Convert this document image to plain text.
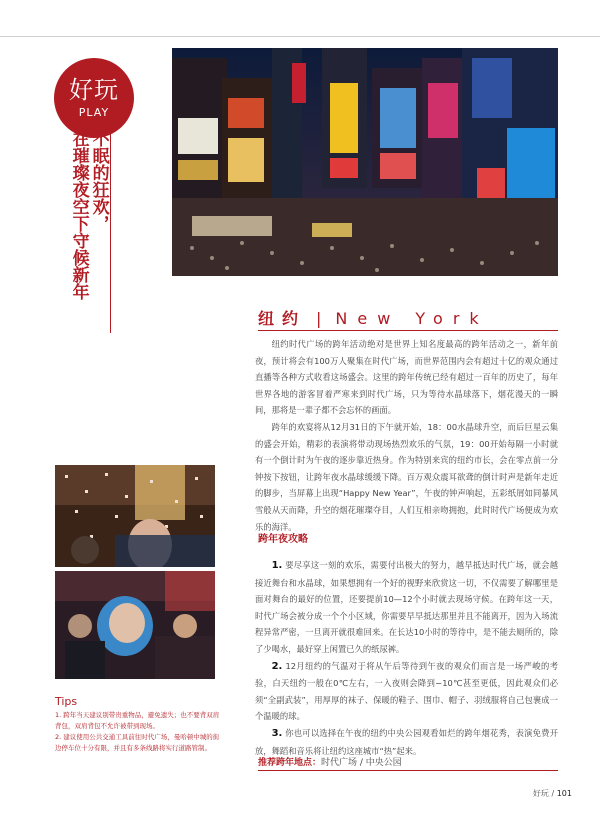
好玩
PLAY
不眠的狂欢，
在璀璨夜空下守候新年
纽约 | New York

纽约时代广场的跨年活动绝对是世界上知名度最高的跨年活动之一，新年前夜，预计将会有100万人聚集在时代广场，而世界范围内会有超过十亿的观众通过直播等各种方式收看这场盛会。这里的跨年传统已经有超过一百年的历史了，每年世界各地的游客冒着严寒来到时代广场，只为等待水晶球落下，烟花漫天的一瞬间，那将是一辈子都不会忘怀的画面。

跨年的欢宴将从12月31日的下午就开始，18：00水晶球升空，而后巨星云集的盛会开始，精彩的表演将带动现场热烈欢乐的气氛，19：00开始每隔一小时就有一个倒计时为午夜的逐步靠近热身。作为特别来宾的纽约市长，会在零点前一分钟按下按钮，让跨年夜水晶球缓缓下降。百万观众震耳欲聋的倒计时声是新年走近的脚步，当屏幕上出现“Happy New Year”，午夜的钟声响起，五彩纸屑如同暴风雪般从天而降，升空的烟花璀璨夺目，人们互相亲吻拥抱，此时时代广场便成为欢乐的海洋。

跨年夜攻略

1. 要尽享这一刻的欢乐，需要付出极大的努力，越早抵达时代广场，就会越接近舞台和水晶球，如果想拥有一个好的视野来欣赏这一切，不仅需要了解哪里是面对舞台的最好的位置，还要提前10—12个小时就去现场守候。在跨年这一天，时代广场会被分成一个个小区域，你需要早早抵达那里并且不能离开，因为入场流程异常严密，一旦离开就很难回来。在长达10小时的等待中，是不能去厕所的，除了少喝水，最好穿上闲置已久的纸尿裤。

2. 12月纽约的气温对于将从午后等待到午夜的观众们而言是一场严峻的考验，白天纽约一般在0℃左右，一入夜则会降到−10℃甚至更低，因此观众们必须“全副武装”，用厚厚的袜子、保暖的鞋子、围巾、帽子、羽绒服将自己包裹成一个温暖的球。

3. 你也可以选择在午夜的纽约中央公园观看如烂的跨年烟花秀，表演免费开放，舞蹈和音乐将让纽约这座城市“热”起来。

推荐跨年地点：时代广场 / 中央公园
Tips
1. 跨年当天建议别带贵重物品，避免遗失；也不要背双肩背包，双肩背包不允许被带到现场。
2. 建议使用公共交通工具前往时代广场，曼哈顿中城的街边停车位十分有限，并且有多条线路将实行道路管制。
好玩 / 101
